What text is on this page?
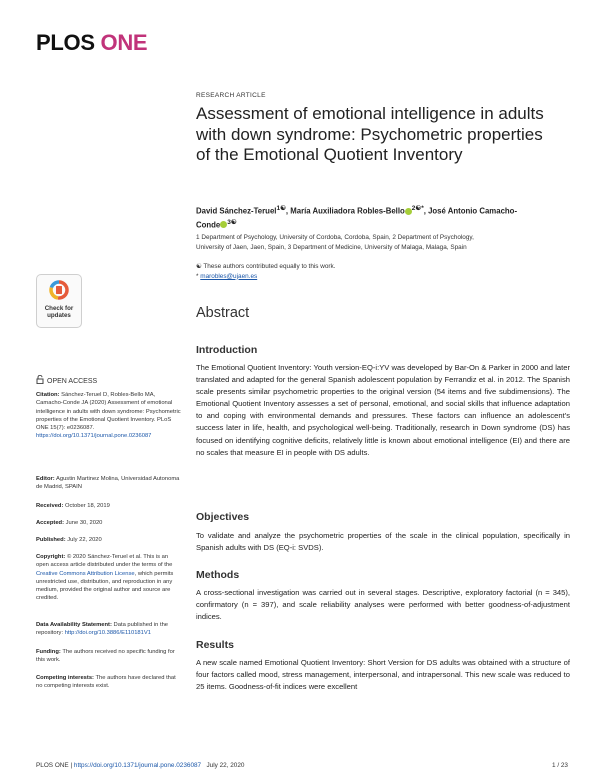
PLOS ONE
RESEARCH ARTICLE
Assessment of emotional intelligence in adults with down syndrome: Psychometric properties of the Emotional Quotient Inventory
David Sánchez-Teruel$^{1☯}$, María Auxiliadora Robles-Bello $^{2☯*}$, José Antonio Camacho-
Conde $^{3☯}$
1 Department of Psychology, University of Cordoba, Cordoba, Spain, 2 Department of Psychology,
University of Jaen, Jaen, Spain, 3 Department of Medicine, University of Malaga, Malaga, Spain
☯ These authors contributed equally to this work.
* marobles@ujaen.es
Abstract
Introduction
The Emotional Quotient Inventory: Youth version-EQ-i:YV was developed by Bar-On & Parker in 2000 and later translated and adapted for the general Spanish adolescent population by Ferrandiz et al. in 2012. The Spanish scale presents similar psychometric properties to the original version (54 items and five subdimensions). The Emotional Quotient Inventory assesses a set of personal, emotional, and social skills that influence adaptation to and coping with environmental demands and pressures. These factors can influence an adolescent's success later in life, health, and psychological well-being. Traditionally, research in Down syndrome (DS) has focused on identifying cognitive deficits, relatively little is known about emotional intelligence (EI) and there are no scales that measure EI in people with DS adults.
Objectives
To validate and analyze the psychometric properties of the scale in the clinical population, specifically in Spanish adults with DS (EQ-i: SVDS).
Methods
A cross-sectional investigation was carried out in several stages. Descriptive, exploratory factorial (n = 345), confirmatory (n = 397), and scale reliability analyses were performed with better goodness-of-adjustment indices.
Results
A new scale named Emotional Quotient Inventory: Short Version for DS adults was obtained with a structure of four factors called mood, stress management, interpersonal, and intrapersonal. This new scale was reduced to 25 items. Goodness-of-fit indices were excellent
Check for
updates
OPEN ACCESS
Citation: Sánchez-Teruel D, Robles-Bello MA, Camacho-Conde JA (2020) Assessment of emotional intelligence in adults with down syndrome: Psychometric properties of the Emotional Quotient Inventory. PLoS ONE 15(7): e0236087. https://doi.org/10.1371/journal.pone.0236087
Editor: Agustin Martinez Molina, Universidad Autonoma de Madrid, SPAIN
Received: October 18, 2019
Accepted: June 30, 2020
Published: July 22, 2020
Copyright: © 2020 Sánchez-Teruel et al. This is an open access article distributed under the terms of the Creative Commons Attribution License, which permits unrestricted use, distribution, and reproduction in any medium, provided the original author and source are credited.
Data Availability Statement: Data published in the repository: http://doi.org/10.3886/E110181V1
Funding: The authors received no specific funding for this work.
Competing interests: The authors have declared that no competing interests exist.
PLOS ONE | https://doi.org/10.1371/journal.pone.0236087 July 22, 2020	1 / 23
